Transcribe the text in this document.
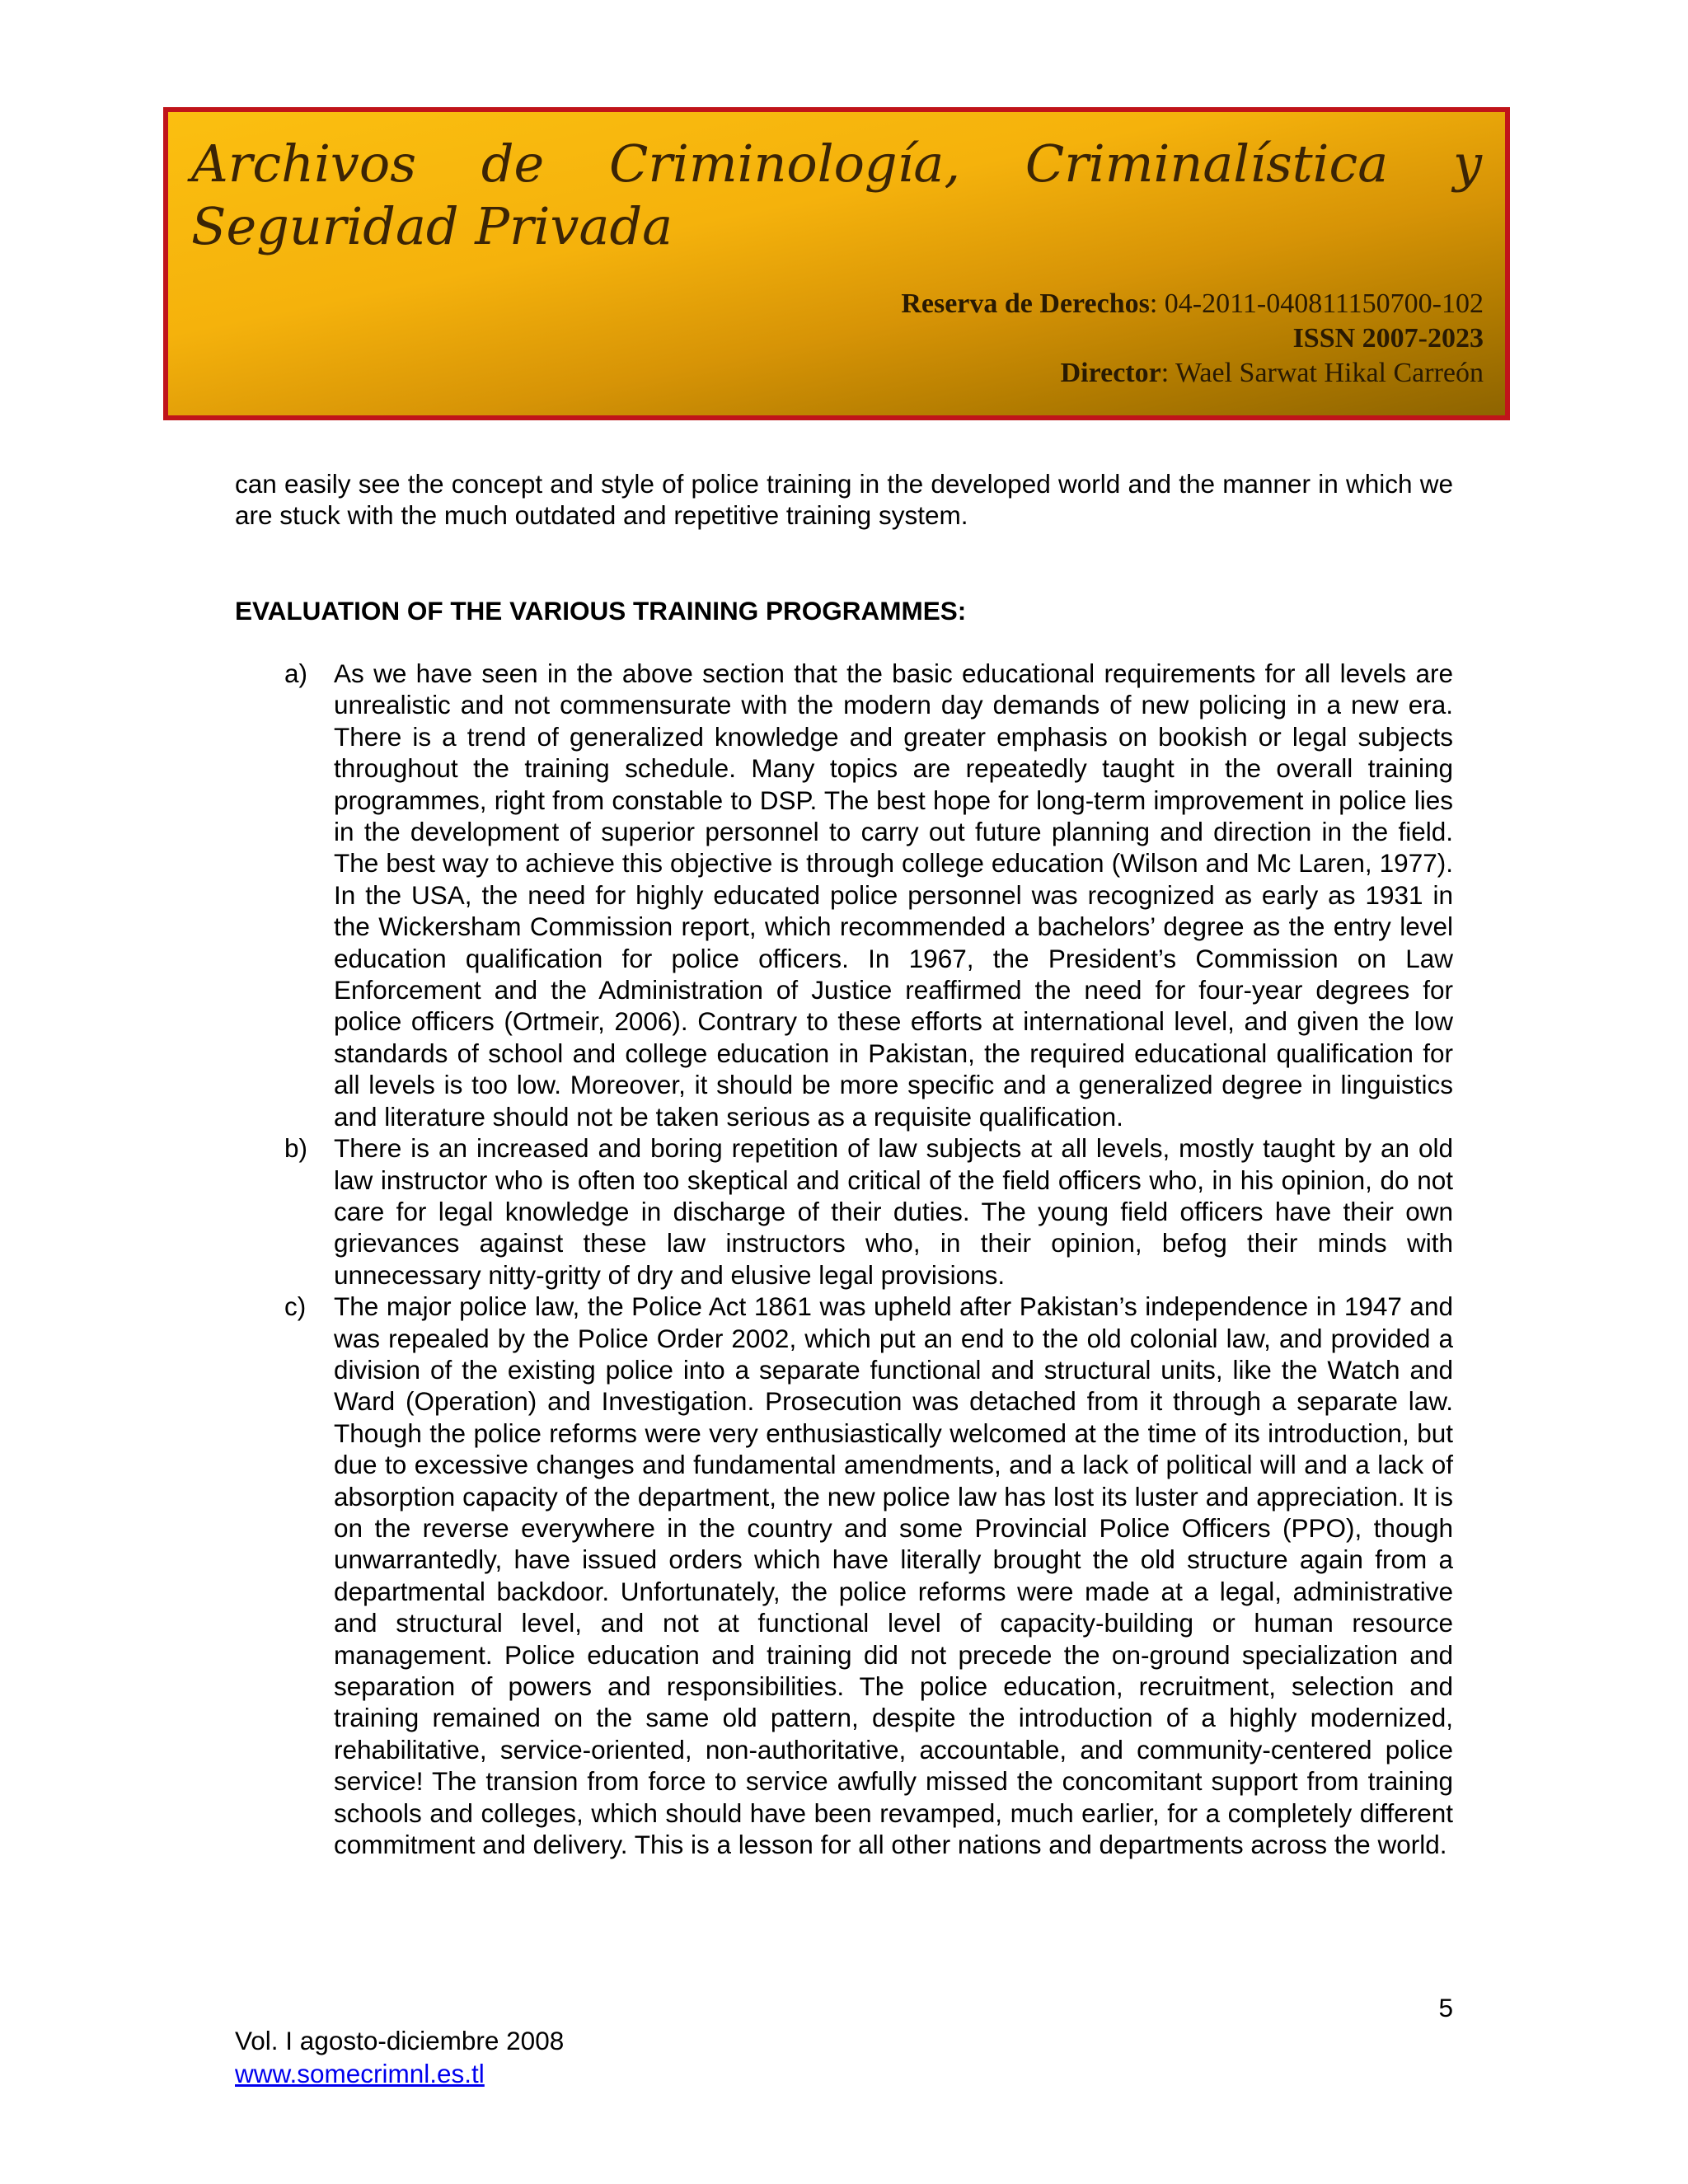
Archivos de Criminología, Criminalística y
Seguridad Privada
Reserva de Derechos: 04-2011-040811150700-102
ISSN 2007-2023
Director: Wael Sarwat Hikal Carreón

can easily see the concept and style of police training in the developed world and the manner in which we are stuck with the much outdated and repetitive training system.

EVALUATION OF THE VARIOUS TRAINING PROGRAMMES:
a) As we have seen in the above section that the basic educational requirements for all levels are unrealistic and not commensurate with the modern day demands of new policing in a new era. There is a trend of generalized knowledge and greater emphasis on bookish or legal subjects throughout the training schedule. Many topics are repeatedly taught in the overall training programmes, right from constable to DSP. The best hope for long-term improvement in police lies in the development of superior personnel to carry out future planning and direction in the field. The best way to achieve this objective is through college education (Wilson and Mc Laren, 1977). In the USA, the need for highly educated police personnel was recognized as early as 1931 in the Wickersham Commission report, which recommended a bachelors’ degree as the entry level education qualification for police officers. In 1967, the President’s Commission on Law Enforcement and the Administration of Justice reaffirmed the need for four-year degrees for police officers (Ortmeir, 2006). Contrary to these efforts at international level, and given the low standards of school and college education in Pakistan, the required educational qualification for all levels is too low. Moreover, it should be more specific and a generalized degree in linguistics and literature should not be taken serious as a requisite qualification.

b) There is an increased and boring repetition of law subjects at all levels, mostly taught by an old law instructor who is often too skeptical and critical of the field officers who, in his opinion, do not care for legal knowledge in discharge of their duties. The young field officers have their own grievances against these law instructors who, in their opinion, befog their minds with unnecessary nitty-gritty of dry and elusive legal provisions.

c) The major police law, the Police Act 1861 was upheld after Pakistan’s independence in 1947 and was repealed by the Police Order 2002, which put an end to the old colonial law, and provided a division of the existing police into a separate functional and structural units, like the Watch and Ward (Operation) and Investigation. Prosecution was detached from it through a separate law. Though the police reforms were very enthusiastically welcomed at the time of its introduction, but due to excessive changes and fundamental amendments, and a lack of political will and a lack of absorption capacity of the department, the new police law has lost its luster and appreciation. It is on the reverse everywhere in the country and some Provincial Police Officers (PPO), though unwarrantedly, have issued orders which have literally brought the old structure again from a departmental backdoor. Unfortunately, the police reforms were made at a legal, administrative and structural level, and not at functional level of capacity-building or human resource management. Police education and training did not precede the on-ground specialization and separation of powers and responsibilities. The police education, recruitment, selection and training remained on the same old pattern, despite the introduction of a highly modernized, rehabilitative, service-oriented, non-authoritative, accountable, and community-centered police service! The transion from force to service awfully missed the concomitant support from training schools and colleges, which should have been revamped, much earlier, for a completely different commitment and delivery. This is a lesson for all other nations and departments across the world.

5
Vol. I agosto-diciembre 2008
www.somecrimnl.es.tl
